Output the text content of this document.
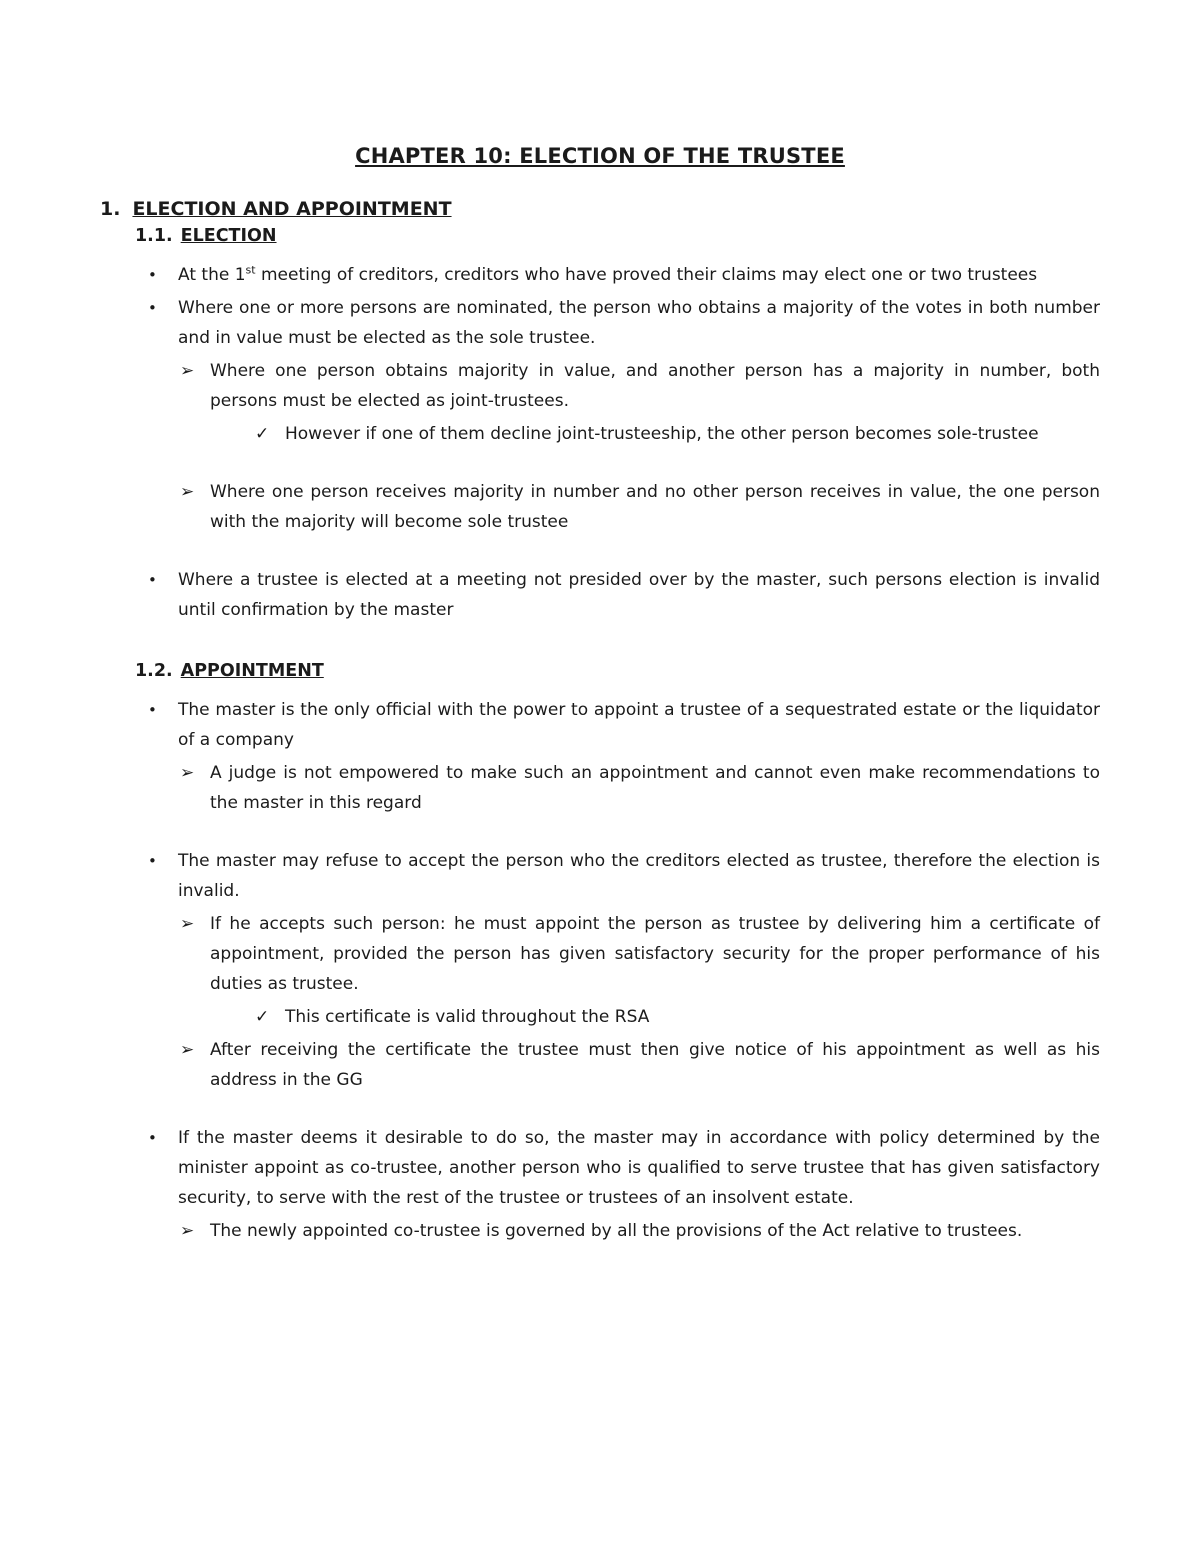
CHAPTER 10: ELECTION OF THE TRUSTEE
1. ELECTION AND APPOINTMENT
1.1. ELECTION
•	At the 1st meeting of creditors, creditors who have proved their claims may elect one or two trustees
•	Where one or more persons are nominated, the person who obtains a majority of the votes in both number and in value must be elected as the sole trustee.
➢ Where one person obtains majority in value, and another person has a majority in number, both persons must be elected as joint-trustees.
✓ However if one of them decline joint-trusteeship, the other person becomes sole-trustee
➢ Where one person receives majority in number and no other person receives in value, the one person with the majority will become sole trustee
•	Where a trustee is elected at a meeting not presided over by the master, such persons election is invalid until confirmation by the master
1.2. APPOINTMENT
•	The master is the only official with the power to appoint a trustee of a sequestrated estate or the liquidator of a company
➢ A judge is not empowered to make such an appointment and cannot even make recommendations to the master in this regard
•	The master may refuse to accept the person who the creditors elected as trustee, therefore the election is invalid.
➢ If he accepts such person: he must appoint the person as trustee by delivering him a certificate of appointment, provided the person has given satisfactory security for the proper performance of his duties as trustee.
✓ This certificate is valid throughout the RSA
➢ After receiving the certificate the trustee must then give notice of his appointment as well as his address in the GG
•	If the master deems it desirable to do so, the master may in accordance with policy determined by the minister appoint as co-trustee, another person who is qualified to serve trustee that has given satisfactory security, to serve with the rest of the trustee or trustees of an insolvent estate.
➢ The newly appointed co-trustee is governed by all the provisions of the Act relative to trustees.
